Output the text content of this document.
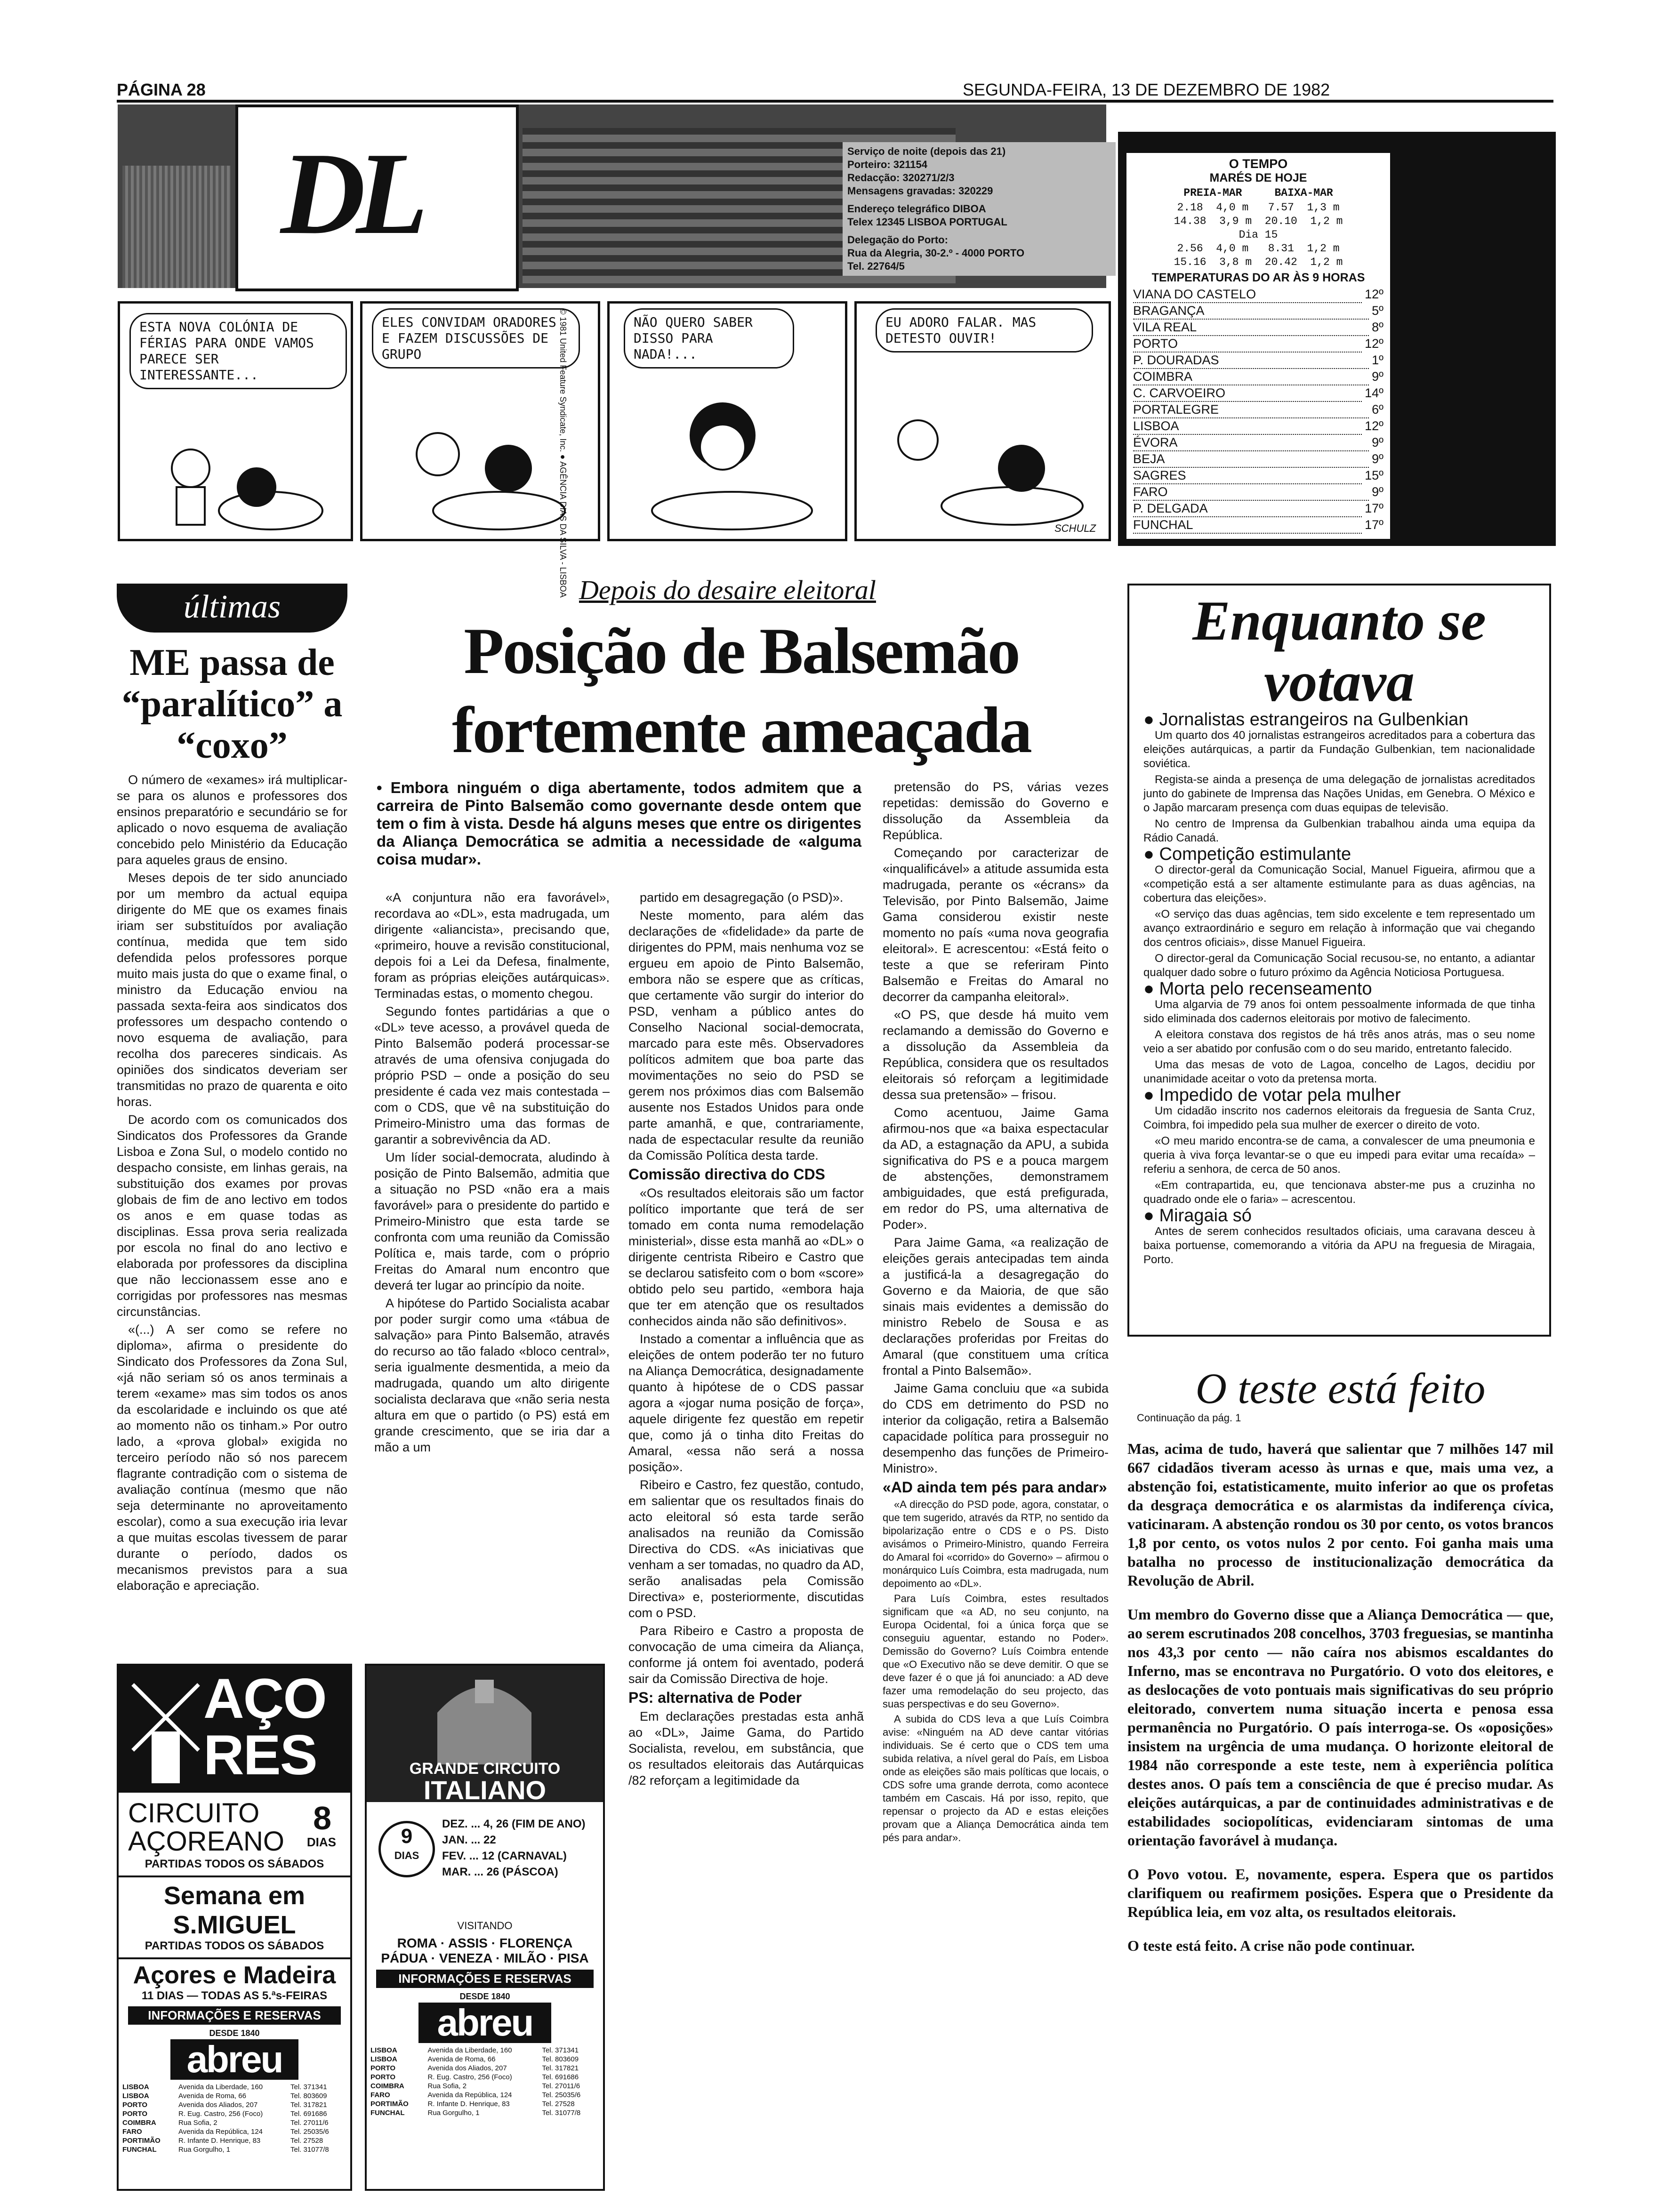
PÁGINA 28	SEGUNDA-FEIRA, 13 DE DEZEMBRO DE 1982
DL	Serviço de noite (depois das 21)
Porteiro: 321154
Redacção: 320271/2/3
Mensagens gravadas: 320229
Endereço telegráfico DIBOA
Telex 12345 LISBOA PORTUGAL
Delegação do Porto:
Rua da Alegria, 30-2.º - 4000 PORTO
Tel. 22764/5
ESTA NOVA COLÓNIA DE FÉRIAS PARA ONDE VAMOS PARECE SER INTERESSANTE...
ELES CONVIDAM ORADORES E FAZEM DISCUSSÕES DE GRUPO	© 1981 United Feature Syndicate, Inc. ● AGÊNCIA DIAS DA SILVA - LISBOA	NÃO QUERO SABER DISSO PARA NADA!...
EU ADORO FALAR. MAS DETESTO OUVIR!
SCHULZ
O TEMPO
MARÉS DE HOJE
PREIA-MAR     BAIXA-MAR
2.18  4,0 m   7.57  1,3 m
14.38  3,9 m  20.10  1,2 m
Dia 15
2.56  4,0 m   8.31  1,2 m
15.16  3,8 m  20.42  1,2 m
TEMPERATURAS DO AR ÀS 9 HORAS
VIANA DO CASTELO	12º
BRAGANÇA	5º
VILA REAL	8º
PORTO	12º
P. DOURADAS	1º
COIMBRA	9º
C. CARVOEIRO	14º
PORTALEGRE	6º
LISBOA	12º
ÉVORA	9º
BEJA	9º
SAGRES	15º
FARO	9º
P. DELGADA	17º
FUNCHAL	17º
últimas
ME passa de “paralítico” a “coxo”

O número de «exames» irá multiplicar-se para os alunos e professores dos ensinos preparatório e secundário se for aplicado o novo esquema de avaliação concebido pelo Ministério da Educação para aqueles graus de ensino.

Meses depois de ter sido anunciado por um membro da actual equipa dirigente do ME que os exames finais iriam ser substituídos por avaliação contínua, medida que tem sido defendida pelos professores porque muito mais justa do que o exame final, o ministro da Educação enviou na passada sexta-feira aos sindicatos dos professores um despacho contendo o novo esquema de avaliação, para recolha dos pareceres sindicais. As opiniões dos sindicatos deveriam ser transmitidas no prazo de quarenta e oito horas.

De acordo com os comunicados dos Sindicatos dos Professores da Grande Lisboa e Zona Sul, o modelo contido no despacho consiste, em linhas gerais, na substituição dos exames por provas globais de fim de ano lectivo em todos os anos e em quase todas as disciplinas. Essa prova seria realizada por escola no final do ano lectivo e elaborada por professores da disciplina que não leccionassem esse ano e corrigidas por professores nas mesmas circunstâncias.

«(...) A ser como se refere no diploma», afirma o presidente do Sindicato dos Professores da Zona Sul, «já não seriam só os anos terminais a terem «exame» mas sim todos os anos da escolaridade e incluindo os que até ao momento não os tinham.» Por outro lado, a «prova global» exigida no terceiro período não só nos parecem flagrante contradição com o sistema de avaliação contínua (mesmo que não seja determinante no aproveitamento escolar), como a sua execução iria levar a que muitas escolas tivessem de parar durante o período, dados os mecanismos previstos para a sua elaboração e apreciação.

Depois do desaire eleitoral
Posição de Balsemão fortemente ameaçada
• Embora ninguém o diga abertamente, todos admitem que a carreira de Pinto Balsemão como governante desde ontem que tem o fim à vista. Desde há alguns meses que entre os dirigentes da Aliança Democrática se admitia a necessidade de «alguma coisa mudar».

«A conjuntura não era favorável», recordava ao «DL», esta madrugada, um dirigente «aliancista», precisando que, «primeiro, houve a revisão constitucional, depois foi a Lei da Defesa, finalmente, foram as próprias eleições autárquicas». Terminadas estas, o momento chegou.

Segundo fontes partidárias a que o «DL» teve acesso, a provável queda de Pinto Balsemão poderá processar-se através de uma ofensiva conjugada do próprio PSD – onde a posição do seu presidente é cada vez mais contestada – com o CDS, que vê na substituição do Primeiro-Ministro uma das formas de garantir a sobrevivência da AD.

Um líder social-democrata, aludindo à posição de Pinto Balsemão, admitia que a situação no PSD «não era a mais favorável» para o presidente do partido e Primeiro-Ministro que esta tarde se confronta com uma reunião da Comissão Política e, mais tarde, com o próprio Freitas do Amaral num encontro que deverá ter lugar ao princípio da noite.

A hipótese do Partido Socialista acabar por poder surgir como uma «tábua de salvação» para Pinto Balsemão, através do recurso ao tão falado «bloco central», seria igualmente desmentida, a meio da madrugada, quando um alto dirigente socialista declarava que «não seria nesta altura em que o partido (o PS) está em grande crescimento, que se iria dar a mão a um

partido em desagregação (o PSD)».

Neste momento, para além das declarações de «fidelidade» da parte de dirigentes do PPM, mais nenhuma voz se ergueu em apoio de Pinto Balsemão, embora não se espere que as críticas, que certamente vão surgir do interior do PSD, venham a público antes do Conselho Nacional social-democrata, marcado para este mês. Observadores políticos admitem que boa parte das movimentações no seio do PSD se gerem nos próximos dias com Balsemão ausente nos Estados Unidos para onde parte amanhã, e que, contrariamente, nada de espectacular resulte da reunião da Comissão Política desta tarde.

Comissão directiva do CDS

«Os resultados eleitorais são um factor político importante que terá de ser tomado em conta numa remodelação ministerial», disse esta manhã ao «DL» o dirigente centrista Ribeiro e Castro que se declarou satisfeito com o bom «score» obtido pelo seu partido, «embora haja que ter em atenção que os resultados conhecidos ainda não são definitivos».

Instado a comentar a influência que as eleições de ontem poderão ter no futuro na Aliança Democrática, designadamente quanto à hipótese de o CDS passar agora a «jogar numa posição de força», aquele dirigente fez questão em repetir que, como já o tinha dito Freitas do Amaral, «essa não será a nossa posição».

Ribeiro e Castro, fez questão, contudo, em salientar que os resultados finais do acto eleitoral só esta tarde serão analisados na reunião da Comissão Directiva do CDS. «As iniciativas que venham a ser tomadas, no quadro da AD, serão analisadas pela Comissão Directiva» e, posteriormente, discutidas com o PSD.

Para Ribeiro e Castro a proposta de convocação de uma cimeira da Aliança, conforme já ontem foi aventado, poderá sair da Comissão Directiva de hoje.

PS: alternativa de Poder

Em declarações prestadas esta anhã ao «DL», Jaime Gama, do Partido Socialista, revelou, em substância, que os resultados eleitorais das Autárquicas /82 reforçam a legitimidade da

pretensão do PS, várias vezes repetidas: demissão do Governo e dissolução da Assembleia da República.

Começando por caracterizar de «inqualificável» a atitude assumida esta madrugada, perante os «écrans» da Televisão, por Pinto Balsemão, Jaime Gama considerou existir neste momento no país «uma nova geografia eleitoral». E acrescentou: «Está feito o teste a que se referiram Pinto Balsemão e Freitas do Amaral no decorrer da campanha eleitoral».

«O PS, que desde há muito vem reclamando a demissão do Governo e a dissolução da Assembleia da República, considera que os resultados eleitorais só reforçam a legitimidade dessa sua pretensão» – frisou.

Como acentuou, Jaime Gama afirmou-nos que «a baixa espectacular da AD, a estagnação da APU, a subida significativa do PS e a pouca margem de abstenções, demonstramem ambiguidades, que está prefigurada, em redor do PS, uma alternativa de Poder».

Para Jaime Gama, «a realização de eleições gerais antecipadas tem ainda a justificá-la a desagregação do Governo e da Maioria, de que são sinais mais evidentes a demissão do ministro Rebelo de Sousa e as declarações proferidas por Freitas do Amaral (que constituem uma crítica frontal a Pinto Balsemão».

Jaime Gama concluiu que «a subida do CDS em detrimento do PSD no interior da coligação, retira a Balsemão capacidade política para prosseguir no desempenho das funções de Primeiro-Ministro».

«AD ainda tem pés para andar»

«A direcção do PSD pode, agora, constatar, o que tem sugerido, através da RTP, no sentido da bipolarização entre o CDS e o PS. Disto avisámos o Primeiro-Ministro, quando Ferreira do Amaral foi «corrido» do Governo» – afirmou o monárquico Luís Coimbra, esta madrugada, num depoimento ao «DL».

Para Luís Coimbra, estes resultados significam que «a AD, no seu conjunto, na Europa Ocidental, foi a única força que se conseguiu aguentar, estando no Poder». Demissão do Governo? Luís Coimbra entende que «O Executivo não se deve demitir. O que se deve fazer é o que já foi anunciado: a AD deve fazer uma remodelação do seu projecto, das suas perspectivas e do seu Governo».

A subida do CDS leva a que Luís Coimbra avise: «Ninguém na AD deve cantar vitórias individuais. Se é certo que o CDS tem uma subida relativa, a nível geral do País, em Lisboa onde as eleições são mais políticas que locais, o CDS sofre uma grande derrota, como acontece também em Cascais. Há por isso, repito, que repensar o projecto da AD e estas eleições provam que a Aliança Democrática ainda tem pés para andar».

Enquanto se votava

● Jornalistas estrangeiros na Gulbenkian

Um quarto dos 40 jornalistas estrangeiros acreditados para a cobertura das eleições autárquicas, a partir da Fundação Gulbenkian, tem nacionalidade soviética.

Regista-se ainda a presença de uma delegação de jornalistas acreditados junto do gabinete de Imprensa das Nações Unidas, em Genebra. O México e o Japão marcaram presença com duas equipas de televisão.

No centro de Imprensa da Gulbenkian trabalhou ainda uma equipa da Rádio Canadá.

● Competição estimulante

O director-geral da Comunicação Social, Manuel Figueira, afirmou que a «competição está a ser altamente estimulante para as duas agências, na cobertura das eleições».

«O serviço das duas agências, tem sido excelente e tem representado um avanço extraordinário e seguro em relação à informação que vai chegando dos centros oficiais», disse Manuel Figueira.

O director-geral da Comunicação Social recusou-se, no entanto, a adiantar qualquer dado sobre o futuro próximo da Agência Noticiosa Portuguesa.

● Morta pelo recenseamento

Uma algarvia de 79 anos foi ontem pessoalmente informada de que tinha sido eliminada dos cadernos eleitorais por motivo de falecimento.

A eleitora constava dos registos de há três anos atrás, mas o seu nome veio a ser abatido por confusão com o do seu marido, entretanto falecido.

Uma das mesas de voto de Lagoa, concelho de Lagos, decidiu por unanimidade aceitar o voto da pretensa morta.

● Impedido de votar pela mulher

Um cidadão inscrito nos cadernos eleitorais da freguesia de Santa Cruz, Coimbra, foi impedido pela sua mulher de exercer o direito de voto.

«O meu marido encontra-se de cama, a convalescer de uma pneumonia e queria à viva força levantar-se o que eu impedi para evitar uma recaída» – referiu a senhora, de cerca de 50 anos.

«Em contrapartida, eu, que tencionava abster-me pus a cruzinha no quadrado onde ele o faria» – acrescentou.

● Miragaia só

Antes de serem conhecidos resultados oficiais, uma caravana desceu à baixa portuense, comemorando a vitória da APU na freguesia de Miragaia, Porto.

O teste está feito
Continuação da pág. 1

Mas, acima de tudo, haverá que salientar que 7 milhões 147 mil 667 cidadãos tiveram acesso às urnas e que, mais uma vez, a abstenção foi, estatisticamente, muito inferior ao que os profetas da desgraça democrática e os alarmistas da indiferença cívica, vaticinaram. A abstenção rondou os 30 por cento, os votos brancos 1,8 por cento, os votos nulos 2 por cento. Foi ganha mais uma batalha no processo de institucionalização democrática da Revolução de Abril.

Um membro do Governo disse que a Aliança Democrática — que, ao serem escrutinados 208 concelhos, 3703 freguesias, se mantinha nos 43,3 por cento — não caíra nos abismos escaldantes do Inferno, mas se encontrava no Purgatório. O voto dos eleitores, e as deslocações de voto pontuais mais significativas do seu próprio eleitorado, convertem numa situação incerta e penosa essa permanência no Purgatório. O país interroga-se. Os «oposições» insistem na urgência de uma mudança. O horizonte eleitoral de 1984 não corresponde a este teste, nem à experiência política destes anos. O país tem a consciência de que é preciso mudar. As eleições autárquicas, a par de continuidades administrativas e de estabilidades sociopolíticas, evidenciaram sintomas de uma orientação favorável à mudança.

O Povo votou. E, novamente, espera. Espera que os partidos clarifiquem ou reafirmem posições. Espera que o Presidente da República leia, em voz alta, os resultados eleitorais.

O teste está feito. A crise não pode continuar.

AÇORES
CIRCUITO AÇOREANO
8
DIAS
PARTIDAS TODOS OS SÁBADOS
Semana em S.MIGUEL
PARTIDAS TODOS OS SÁBADOS
Açores e Madeira
11 DIAS — TODAS AS 5.ªs-FEIRAS
INFORMAÇÕES E RESERVAS
DESDE 1840
abreu
LISBOA	Avenida da Liberdade, 160	Tel. 371341
LISBOA	Avenida de Roma, 66	Tel. 803609
PORTO	Avenida dos Aliados, 207	Tel. 317821
PORTO	R. Eug. Castro, 256 (Foco)	Tel. 691686
COIMBRA	Rua Sofia, 2	Tel. 27011/6
FARO	Avenida da República, 124	Tel. 25035/6
PORTIMÃO	R. Infante D. Henrique, 83	Tel. 27528
FUNCHAL	Rua Gorgulho, 1	Tel. 31077/8
GRANDE CIRCUITO
ITALIANO
9
DIAS
DEZ. ... 4, 26 (FIM DE ANO)
JAN. ... 22
FEV. ... 12 (CARNAVAL)
MAR. ... 26 (PÁSCOA)
VISITANDO
ROMA · ASSIS · FLORENÇA
PÁDUA · VENEZA · MILÃO · PISA
INFORMAÇÕES E RESERVAS
DESDE 1840
abreu
LISBOA	Avenida da Liberdade, 160	Tel. 371341
LISBOA	Avenida de Roma, 66	Tel. 803609
PORTO	Avenida dos Aliados, 207	Tel. 317821
PORTO	R. Eug. Castro, 256 (Foco)	Tel. 691686
COIMBRA	Rua Sofia, 2	Tel. 27011/6
FARO	Avenida da República, 124	Tel. 25035/6
PORTIMÃO	R. Infante D. Henrique, 83	Tel. 27528
FUNCHAL	Rua Gorgulho, 1	Tel. 31077/8
